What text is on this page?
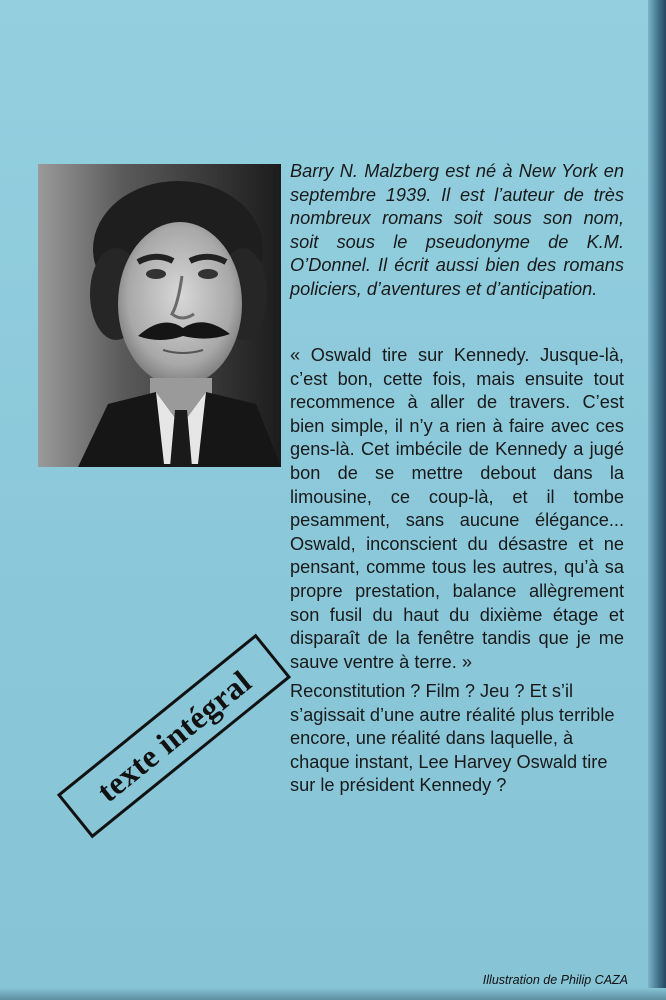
Barry N. Malzberg est né à New York en septembre 1939. Il est l’auteur de très nombreux romans soit sous son nom, soit sous le pseudonyme de K.M. O’Donnel. Il écrit aussi bien des romans policiers, d’aventures et d’anticipation.

« Oswald tire sur Kennedy. Jusque-là, c’est bon, cette fois, mais ensuite tout recommence à aller de travers. C’est bien simple, il n’y a rien à faire avec ces gens-là. Cet imbécile de Kennedy a jugé bon de se mettre debout dans la limousine, ce coup-là, et il tombe pesamment, sans aucune élégance... Oswald, inconscient du désastre et ne pensant, comme tous les autres, qu’à sa propre prestation, balance allègrement son fusil du haut du dixième étage et disparaît de la fenêtre tandis que je me sauve ventre à terre. »

Reconstitution ? Film ? Jeu ? Et s’il s’agissait d’une autre réalité plus terrible encore, une réalité dans laquelle, à chaque instant, Lee Harvey Oswald tire sur le président Kennedy ?

texte intégral
Illustration de Philip CAZA
